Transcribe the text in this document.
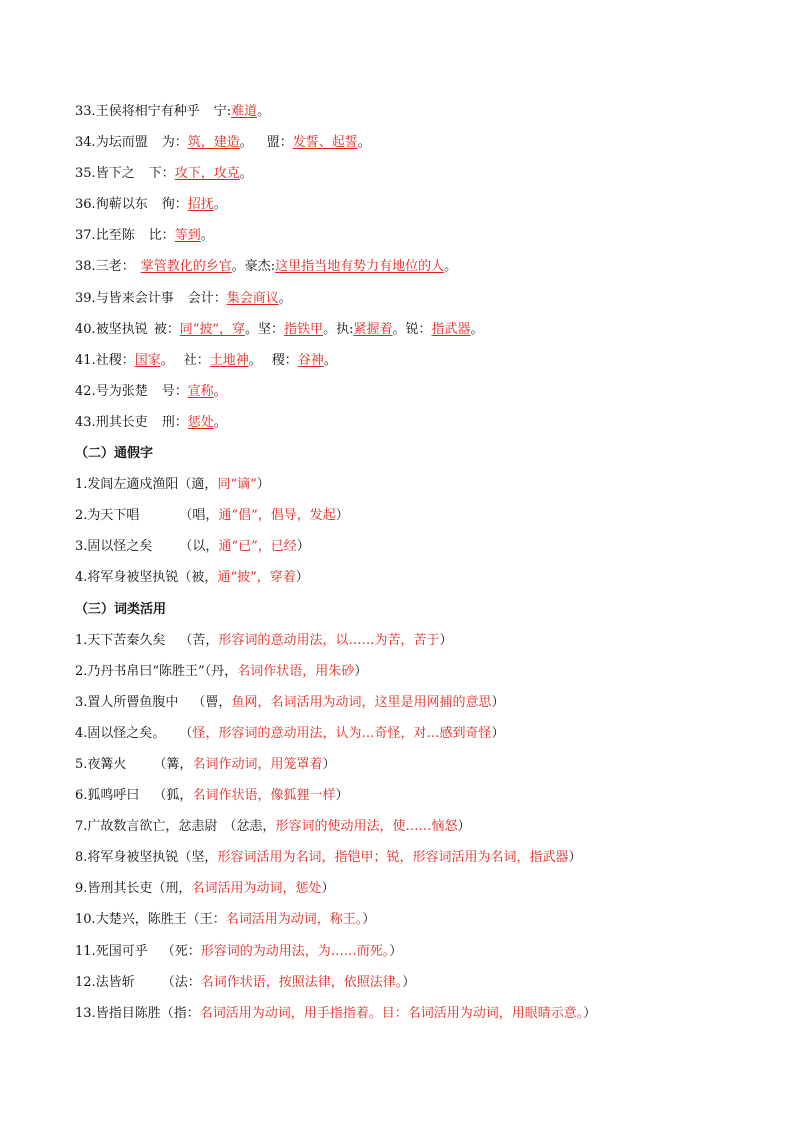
33.王侯将相宁有种乎 宁:难道。
34.为坛而盟 为：筑，建造。 盟：发誓、起誓。
35.皆下之 下：攻下，攻克。
36.徇蕲以东 徇：招抚。
37.比至陈 比：等到。
38.三老： 掌管教化的乡官。豪杰:这里指当地有势力有地位的人。
39.与皆来会计事 会计：集会商议。
40.被坚执锐 被：同“披”，穿。坚：指铁甲。执:紧握着。锐：指武器。
41.社稷：国家。 社：土地神。 稷：谷神。
42.号为张楚 号：宣称。
43.刑其长吏 刑：惩处。
（二）通假字
1.发闾左適戍渔阳（適，同“谪”）
2.为天下唱	（唱，通“倡”，倡导，发起）
3.固以怪之矣 （以，通“已”，已经）
4.将军身被坚执锐（被，通“披”，穿着）
（三）词类活用
1.天下苦秦久矣 （苦，形容词的意动用法，以……为苦，苦于）
2.乃丹书帛曰“陈胜王”（丹，名词作状语，用朱砂）
3.置人所罾鱼腹中 （罾，鱼网，名词活用为动词，这里是用网捕的意思）
4.固以怪之矣。 （怪，形容词的意动用法，认为…奇怪，对…感到奇怪）
5.夜篝火 （篝，名词作动词，用笼罩着）
6.狐鸣呼曰 （狐，名词作状语，像狐狸一样）
7.广故数言欲亡，忿恚尉 （忿恚，形容词的使动用法，使……恼怒）
8.将军身被坚执锐（坚，形容词活用为名词，指铠甲；锐，形容词活用为名词，指武器）
9.皆刑其长吏（刑，名词活用为动词，惩处）
10.大楚兴，陈胜王（王：名词活用为动词，称王。）
11.死国可乎 （死：形容词的为动用法，为……而死。）
12.法皆斩 （法：名词作状语，按照法律，依照法律。）
13.皆指目陈胜（指：名词活用为动词，用手指指着。目：名词活用为动词，用眼睛示意。）
